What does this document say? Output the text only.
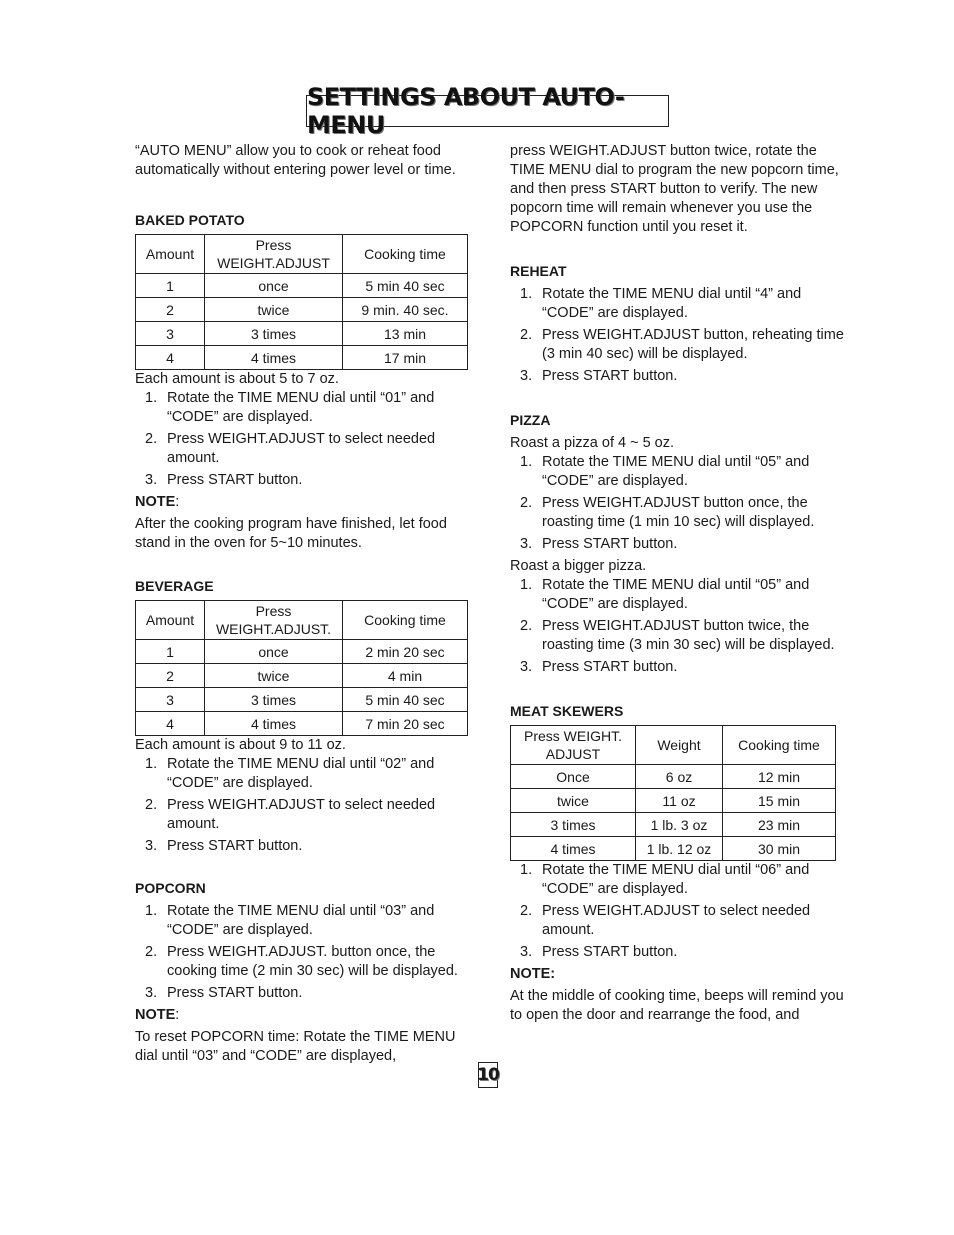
SETTINGS ABOUT AUTO-MENU

“AUTO MENU” allow you to cook or reheat food automatically without entering power level or time.

BAKED POTATO

Amount	Press WEIGHT.ADJUST	Cooking time
1	once	5 min 40 sec
2	twice	9 min. 40 sec.
3	3 times	13 min
4	4 times	17 min

Each amount is about 5 to 7 oz.

1. Rotate the TIME MENU dial until “01” and “CODE” are displayed.
2. Press WEIGHT.ADJUST to select needed amount.
3. Press START button.

NOTE:

After the cooking program have finished, let food stand in the oven for 5~10 minutes.

BEVERAGE

Amount	Press WEIGHT.ADJUST.	Cooking time
1	once	2 min 20 sec
2	twice	4 min
3	3 times	5 min 40 sec
4	4 times	7 min 20 sec

Each amount is about 9 to 11 oz.

1. Rotate the TIME MENU dial until “02” and “CODE” are displayed.
2. Press WEIGHT.ADJUST to select needed amount.
3. Press START button.

POPCORN

1. Rotate the TIME MENU dial until “03” and “CODE” are displayed.
2. Press WEIGHT.ADJUST. button once, the cooking time (2 min 30 sec) will be displayed.
3. Press START button.

NOTE:

To reset POPCORN time: Rotate the TIME MENU dial until “03” and “CODE” are displayed,

press WEIGHT.ADJUST button twice, rotate the TIME MENU dial to program the new popcorn time, and then press START button to verify. The new popcorn time will remain whenever you use the POPCORN function until you reset it.

REHEAT

1. Rotate the TIME MENU dial until “4” and “CODE” are displayed.
2. Press WEIGHT.ADJUST button, reheating time (3 min 40 sec) will be displayed.
3. Press START button.

PIZZA

Roast a pizza of 4 ~ 5 oz.

1. Rotate the TIME MENU dial until “05” and “CODE” are displayed.
2. Press WEIGHT.ADJUST button once, the roasting time (1 min 10 sec) will displayed.
3. Press START button.

Roast a bigger pizza.

1. Rotate the TIME MENU dial until “05” and “CODE” are displayed.
2. Press WEIGHT.ADJUST button twice, the roasting time (3 min 30 sec) will be displayed.
3. Press START button.

MEAT SKEWERS

Press WEIGHT. ADJUST	Weight	Cooking time
Once	6 oz	12 min
twice	11 oz	15 min
3 times	1 lb. 3 oz	23 min
4 times	1 lb. 12 oz	30 min
1. Rotate the TIME MENU dial until “06” and “CODE” are displayed.
2. Press WEIGHT.ADJUST to select needed amount.
3. Press START button.

NOTE:

At the middle of cooking time, beeps will remind you to open the door and rearrange the food, and

10
